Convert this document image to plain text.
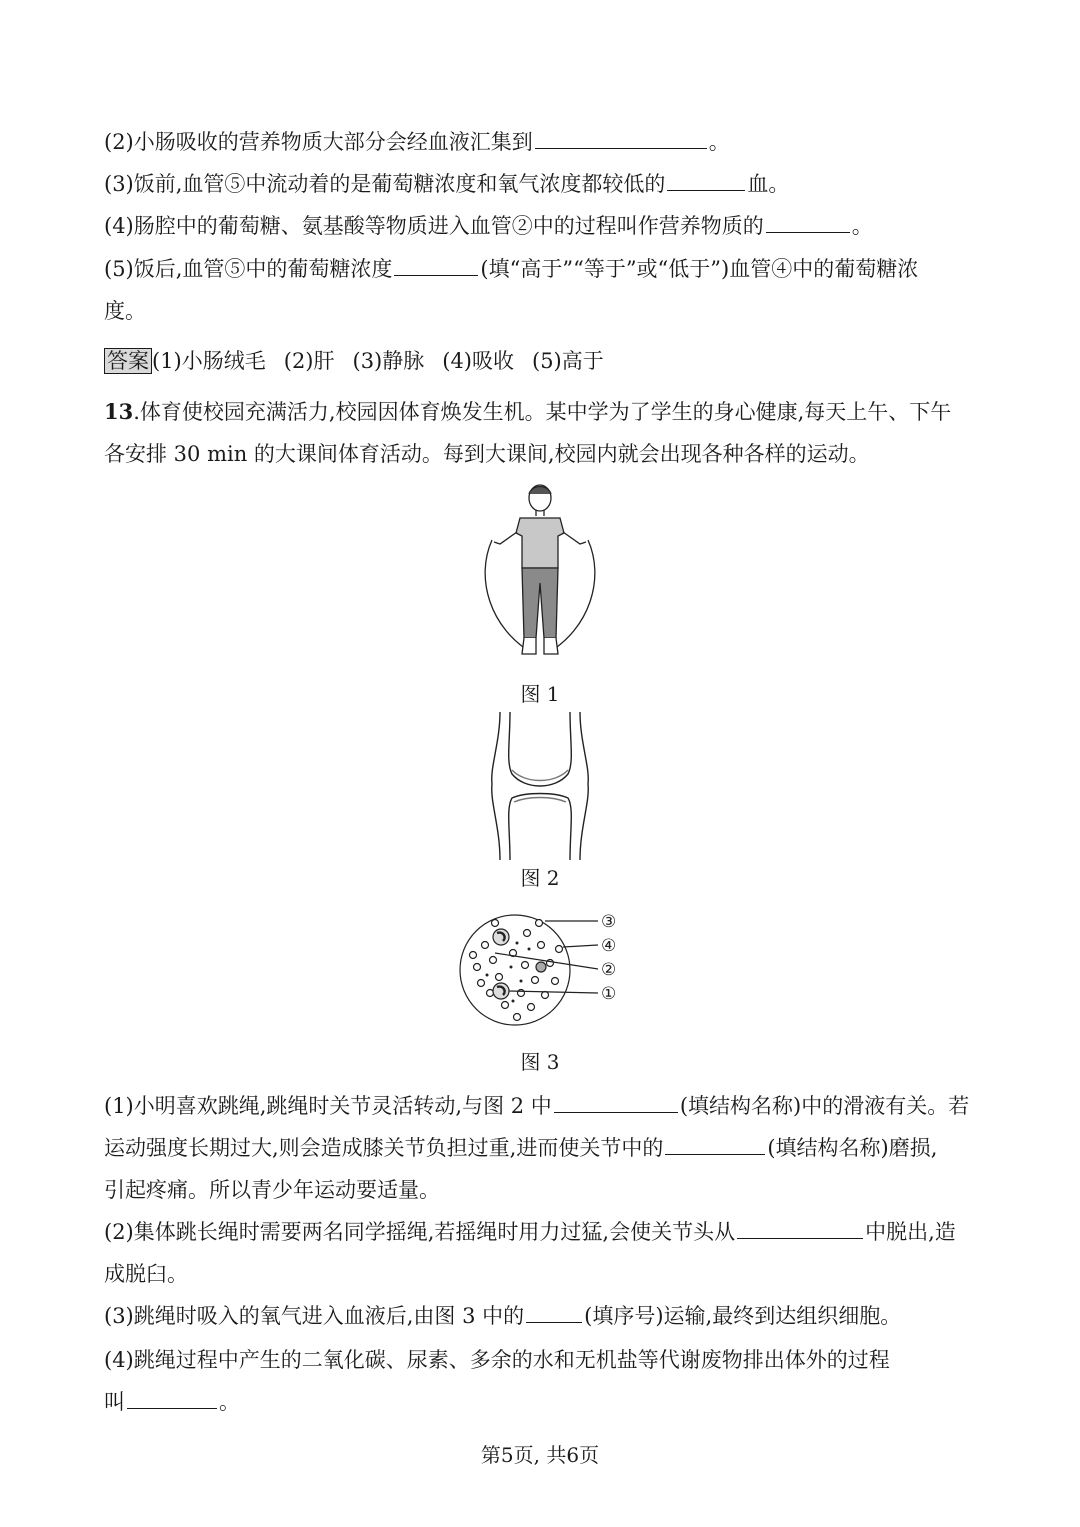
(2)小肠吸收的营养物质大部分会经血液汇集到	。
(3)饭前,血管⑤中流动着的是葡萄糖浓度和氧气浓度都较低的	血。
(4)肠腔中的葡萄糖、氨基酸等物质进入血管②中的过程叫作营养物质的	。
(5)饭后,血管⑤中的葡萄糖浓度	(填“高于”“等于”或“低于”)血管④中的葡萄糖浓
度。
答案 (1)小肠绒毛 (2)肝 (3)静脉 (4)吸收 (5)高于
13.体育使校园充满活力,校园因体育焕发生机。某中学为了学生的身心健康,每天上午、下午
各安排 30 min 的大课间体育活动。每到大课间,校园内就会出现各种各样的运动。
图 1
图 2
③
④
②
①
图 3
(1)小明喜欢跳绳,跳绳时关节灵活转动,与图 2 中	(填结构名称)中的滑液有关。若
运动强度长期过大,则会造成膝关节负担过重,进而使关节中的	(填结构名称)磨损,
引起疼痛。所以青少年运动要适量。
(2)集体跳长绳时需要两名同学摇绳,若摇绳时用力过猛,会使关节头从	中脱出,造
成脱臼。
(3)跳绳时吸入的氧气进入血液后,由图 3 中的	(填序号)运输,最终到达组织细胞。
(4)跳绳过程中产生的二氧化碳、尿素、多余的水和无机盐等代谢废物排出体外的过程
叫	。
第5页, 共6页
